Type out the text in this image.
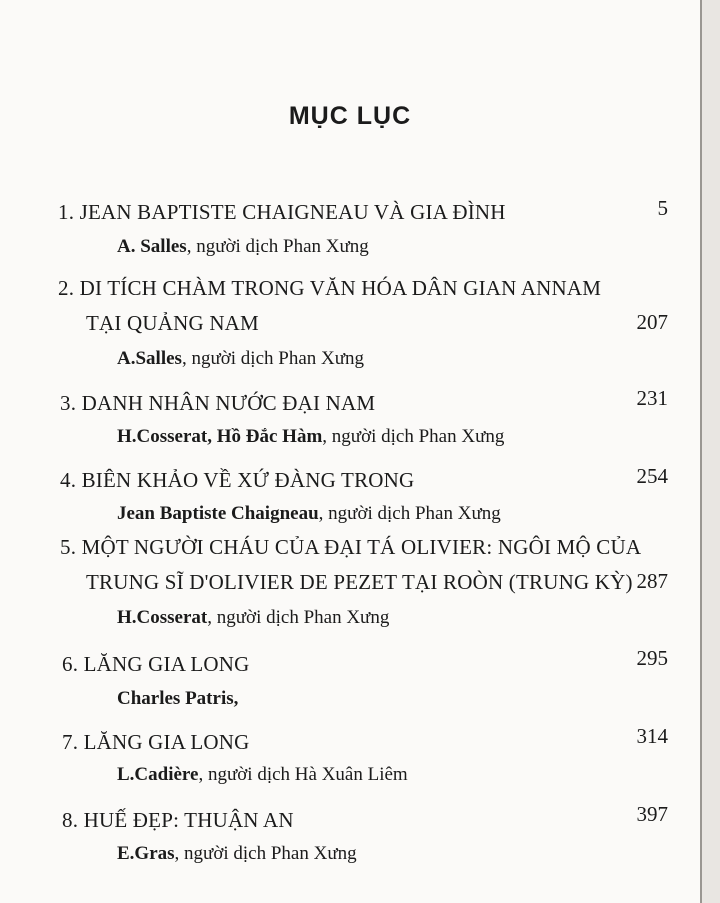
MỤC LỤC
1. JEAN BAPTISTE CHAIGNEAU VÀ GIA ĐÌNH	5
A. Salles, người dịch Phan Xưng
2. DI TÍCH CHÀM TRONG VĂN HÓA DÂN GIAN ANNAM
TẠI QUẢNG NAM	207
A.Salles, người dịch Phan Xưng
3. DANH NHÂN NƯỚC ĐẠI NAM	231
H.Cosserat, Hồ Đắc Hàm, người dịch Phan Xưng
4. BIÊN KHẢO VỀ XỨ ĐÀNG TRONG	254
Jean Baptiste Chaigneau, người dịch Phan Xưng
5. MỘT NGƯỜI CHÁU CỦA ĐẠI TÁ OLIVIER: NGÔI MỘ CỦA
TRUNG SĨ D'OLIVIER DE PEZET TẠI ROÒN (TRUNG KỲ) 287
H.Cosserat, người dịch Phan Xưng
6. LĂNG GIA LONG	295
Charles Patris,
7. LĂNG GIA LONG	314
L.Cadière, người dịch Hà Xuân Liêm
8. HUẾ ĐẸP: THUẬN AN	397
E.Gras, người dịch Phan Xưng
